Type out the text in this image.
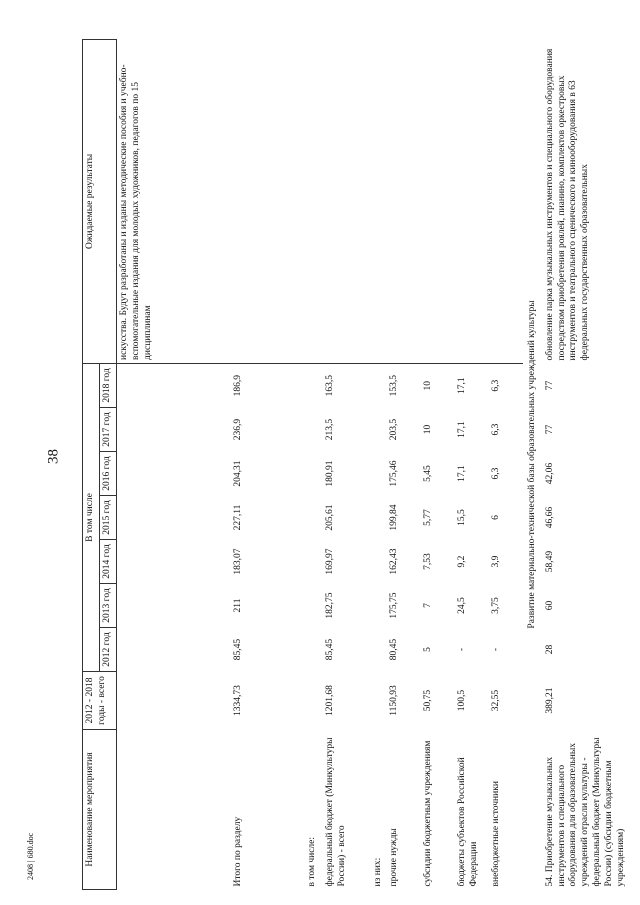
38
2408 | 680.doc	Наименование мероприятия	2012 - 2018 годы - всего	В том числе							Ожидаемые результаты
		2012 год	2013 год	2014 год	2015 год	2016 год	2017 год	2018 год	
									искусства. Будут разработаны и изданы методические пособия и учебно-вспомогательные издания для молодых художников, педагогов по 15 дисциплинам
Итого по разделу	1334,73	85,45	211	183,07	227,11	204,31	236,9	186,9	
в том числе:									
федеральный бюджет (Минкультуры России) - всего	1201,68	85,45	182,75	169,97	205,61	180,91	213,5	163,5	
из них:									
прочие нужды	1150,93	80,45	175,75	162,43	199,84	175,46	203,5	153,5	
субсидии бюджетным учреждениям	50,75	5	7	7,53	5,77	5,45	10	10	
бюджеты субъектов Российской Федерации	100,5	-	24,5	9,2	15,5	17,1	17,1	17,1	
внебюджетные источники	32,55	-	3,75	3,9	6	6,3	6,3	6,3	
Развитие материально-технической базы образовательных учреждений культуры									
54. Приобретение музыкальных инструментов и специального оборудования для образовательных учреждений отрасли культуры - федеральный бюджет (Минкультуры России) (субсидии бюджетным учреждениям)	389,21	28	60	58,49	46,66	42,06	77	77	обновление парка музыкальных инструментов и специального оборудования посредством приобретения роялей, пианино, комплектов оркестровых инструментов и театрального сценического и кинооборудования в 63 федеральных государственных образовательных
